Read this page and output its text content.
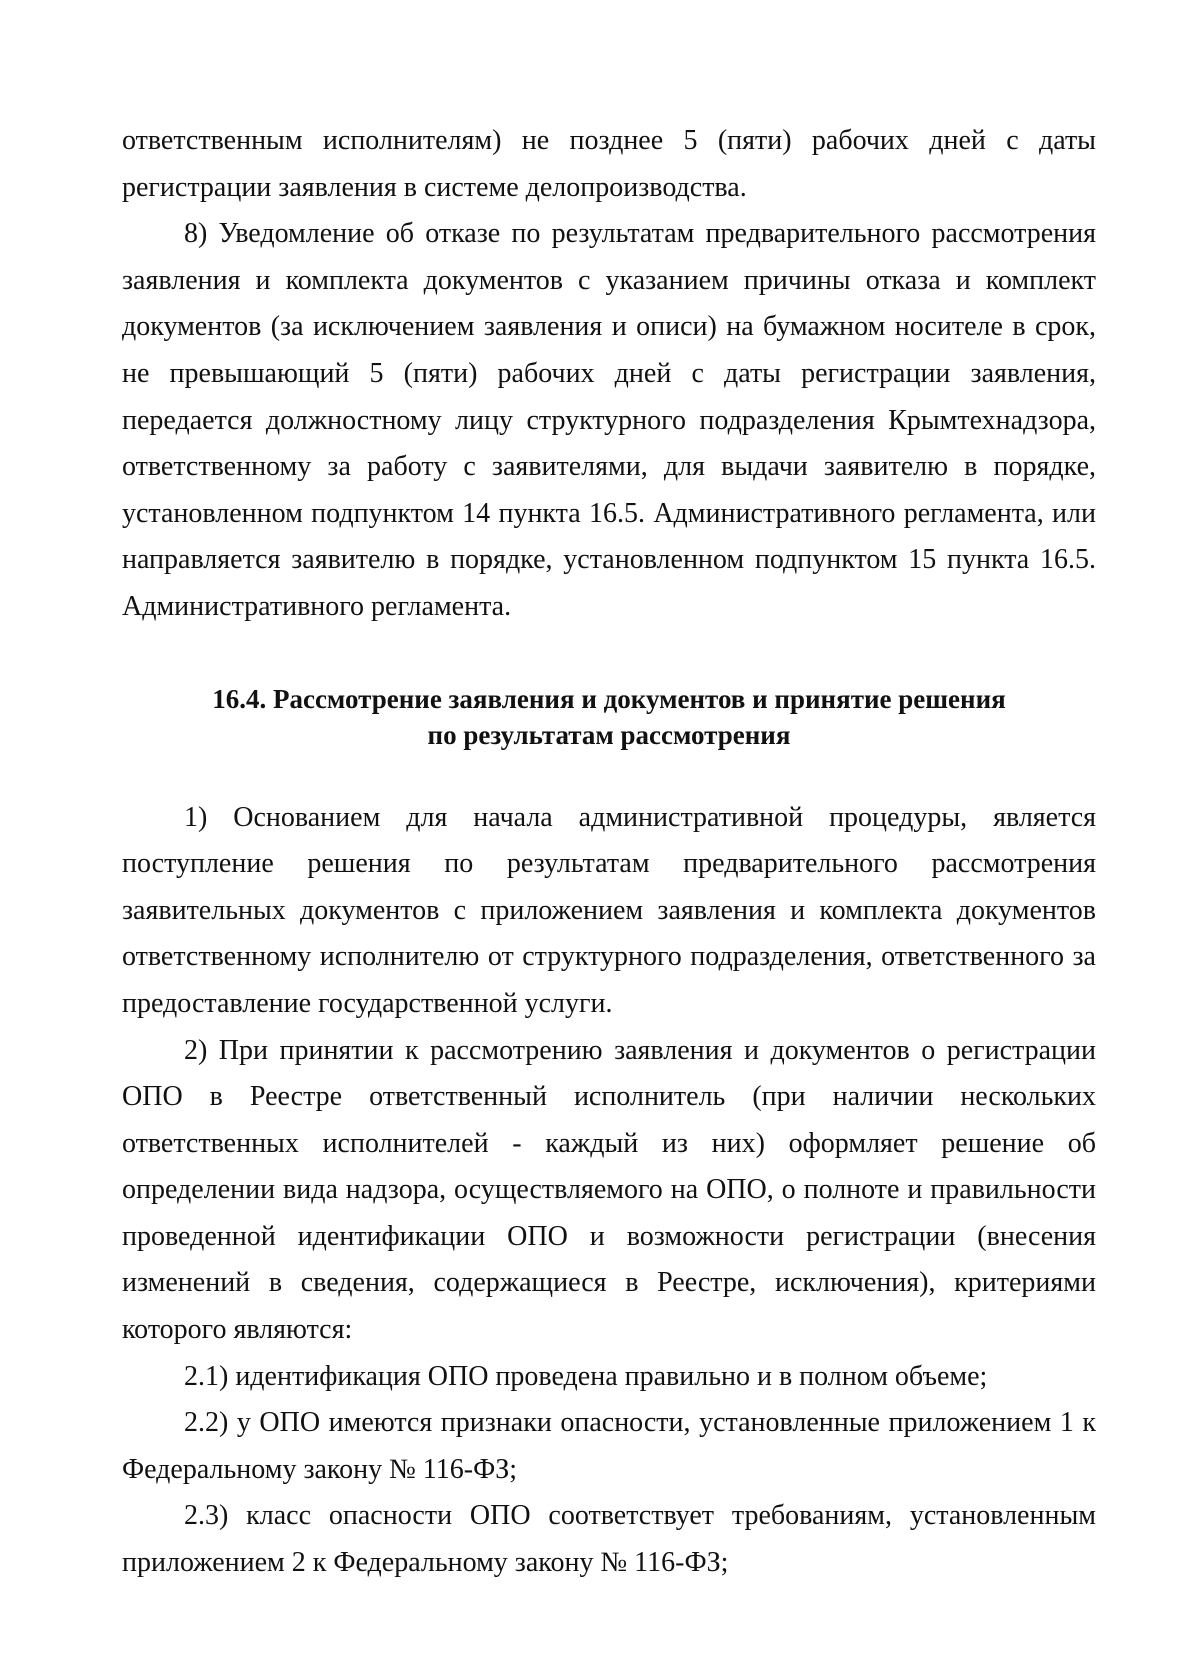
ответственным исполнителям) не позднее 5 (пяти) рабочих дней с даты регистрации заявления в системе делопроизводства.

8) Уведомление об отказе по результатам предварительного рассмотрения заявления и комплекта документов с указанием причины отказа и комплект документов (за исключением заявления и описи) на бумажном носителе в срок, не превышающий 5 (пяти) рабочих дней с даты регистрации заявления, передается должностному лицу структурного подразделения Крымтехнадзора, ответственному за работу с заявителями, для выдачи заявителю в порядке, установленном подпунктом 14 пункта 16.5. Административного регламента, или направляется заявителю в порядке, установленном подпунктом 15 пункта 16.5. Административного регламента.

16.4. Рассмотрение заявления и документов и принятие решения
по результатам рассмотрения

1) Основанием для начала административной процедуры, является поступление решения по результатам предварительного рассмотрения заявительных документов с приложением заявления и комплекта документов ответственному исполнителю от структурного подразделения, ответственного за предоставление государственной услуги.

2) При принятии к рассмотрению заявления и документов о регистрации ОПО в Реестре ответственный исполнитель (при наличии нескольких ответственных исполнителей - каждый из них) оформляет решение об определении вида надзора, осуществляемого на ОПО, о полноте и правильности проведенной идентификации ОПО и возможности регистрации (внесения изменений в сведения, содержащиеся в Реестре, исключения), критериями которого являются:

2.1) идентификация ОПО проведена правильно и в полном объеме;

2.2) у ОПО имеются признаки опасности, установленные приложением 1 к Федеральному закону № 116-ФЗ;

2.3) класс опасности ОПО соответствует требованиям, установленным приложением 2 к Федеральному закону № 116-ФЗ;
